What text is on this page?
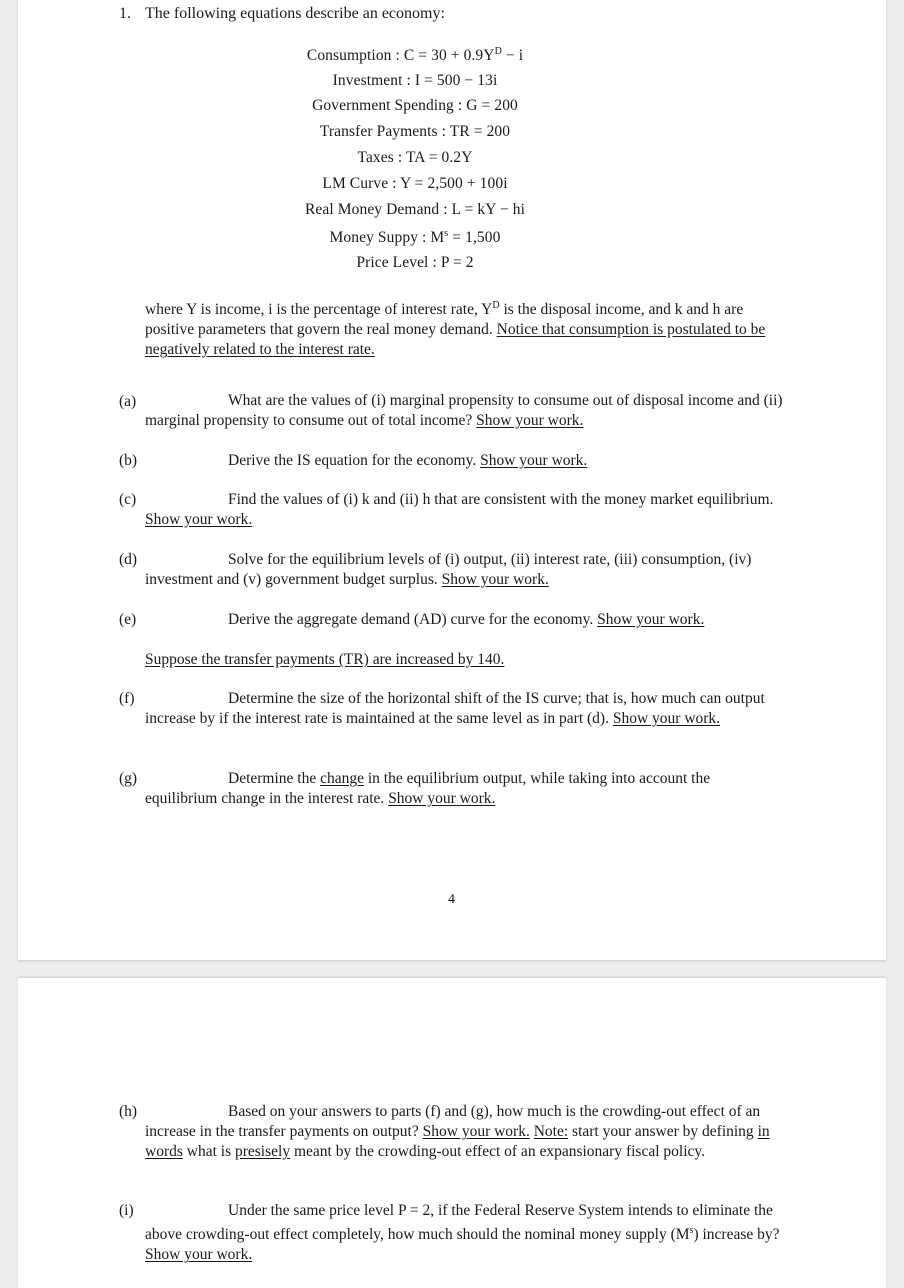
1. The following equations describe an economy:
Consumption : $C = 30 + 0.9Y^D - i$
Investment : I = 500 − 13i
Government Spending : G = 200
Transfer Payments : TR = 200
Taxes : TA = 0.2Y
LM Curve : Y = 2,500 + 100i
Real Money Demand : L = kY − hi
Money Suppy : $M^s = 1,500$
Price Level : P = 2
where Y is income, i is the percentage of interest rate, $Y^D$ is the disposal income, and k and h are positive parameters that govern the real money demand. Notice that consumption is postulated to be negatively related to the interest rate.
(a)	What are the values of (i) marginal propensity to consume out of disposal income and (ii) marginal propensity to consume out of total income? Show your work.
(b)	Derive the IS equation for the economy. Show your work.
(c)	Find the values of (i) k and (ii) h that are consistent with the money market equilibrium. Show your work.
(d)	Solve for the equilibrium levels of (i) output, (ii) interest rate, (iii) consumption, (iv) investment and (v) government budget surplus. Show your work.
(e)	Derive the aggregate demand (AD) curve for the economy. Show your work.
Suppose the transfer payments (TR) are increased by 140.
(f)	Determine the size of the horizontal shift of the IS curve; that is, how much can output increase by if the interest rate is maintained at the same level as in part (d). Show your work.
(g)	Determine the change in the equilibrium output, while taking into account the equilibrium change in the interest rate. Show your work.
4
(h)	Based on your answers to parts (f) and (g), how much is the crowding-out effect of an increase in the transfer payments on output? Show your work. Note: start your answer by defining in words what is presisely meant by the crowding-out effect of an expansionary fiscal policy.
(i)	Under the same price level P = 2, if the Federal Reserve System intends to eliminate the above crowding-out effect completely, how much should the nominal money supply $(M^s)$ increase by? Show your work.
